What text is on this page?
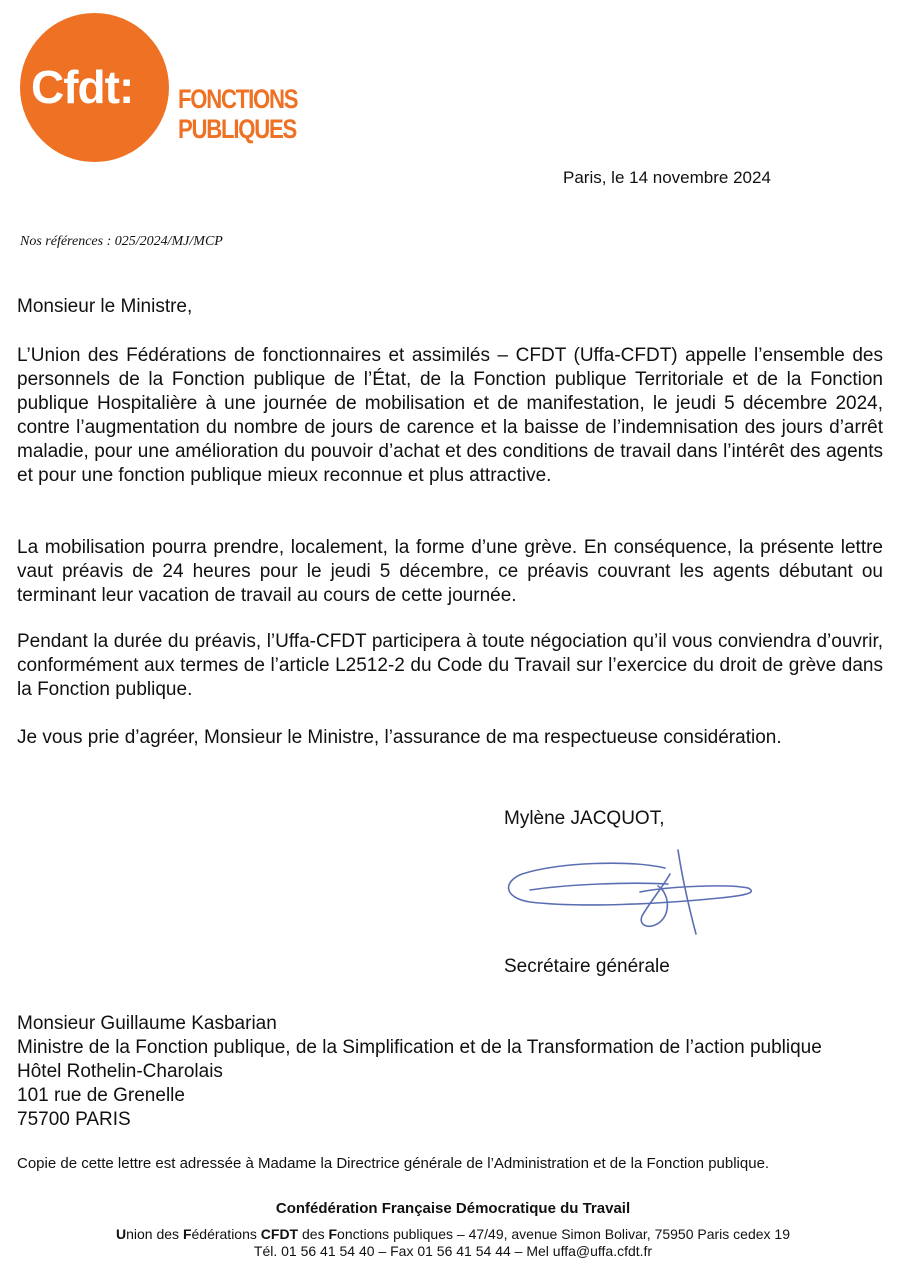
Cfdt: FONCTIONS
PUBLIQUES
Paris, le 14 novembre 2024
Nos références : 025/2024/MJ/MCP
Monsieur le Ministre,
L’Union des Fédérations de fonctionnaires et assimilés – CFDT (Uffa-CFDT) appelle l’ensemble des personnels de la Fonction publique de l’État, de la Fonction publique Territoriale et de la Fonction publique Hospitalière à une journée de mobilisation et de manifestation, le jeudi 5 décembre 2024, contre l’augmentation du nombre de jours de carence et la baisse de l’indemnisation des jours d’arrêt maladie, pour une amélioration du pouvoir d’achat et des conditions de travail dans l’intérêt des agents et pour une fonction publique mieux reconnue et plus attractive.
La mobilisation pourra prendre, localement, la forme d’une grève. En conséquence, la présente lettre vaut préavis de 24 heures pour le jeudi 5 décembre, ce préavis couvrant les agents débutant ou terminant leur vacation de travail au cours de cette journée.
Pendant la durée du préavis, l’Uffa-CFDT participera à toute négociation qu’il vous conviendra d’ouvrir, conformément aux termes de l’article L2512-2 du Code du Travail sur l’exercice du droit de grève dans la Fonction publique.
Je vous prie d’agréer, Monsieur le Ministre, l’assurance de ma respectueuse considération.
Mylène JACQUOT,
Secrétaire générale
Monsieur Guillaume Kasbarian
Ministre de la Fonction publique, de la Simplification et de la Transformation de l’action publique
Hôtel Rothelin-Charolais
101 rue de Grenelle
75700 PARIS
Copie de cette lettre est adressée à Madame la Directrice générale de l’Administration et de la Fonction publique.
Confédération Française Démocratique du Travail
Union des Fédérations CFDT des Fonctions publiques – 47/49, avenue Simon Bolivar, 75950 Paris cedex 19
Tél. 01 56 41 54 40 – Fax 01 56 41 54 44 – Mel uffa@uffa.cfdt.fr
